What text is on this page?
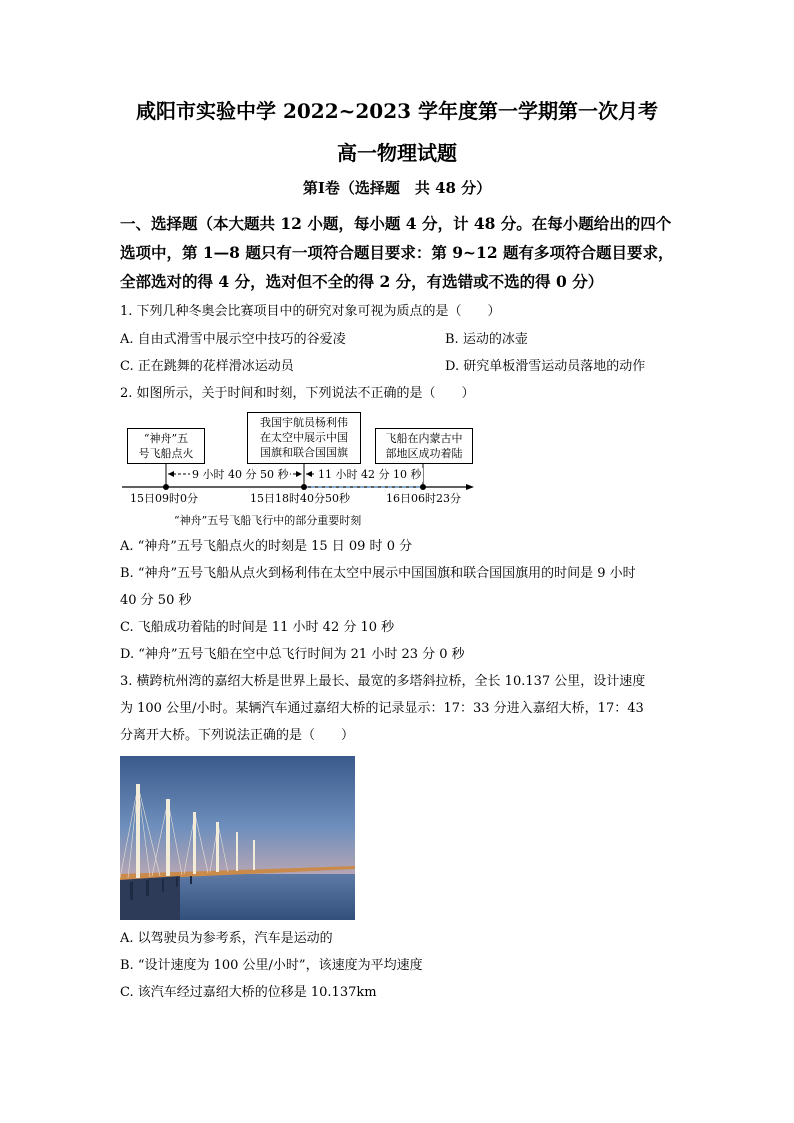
咸阳市实验中学 2022~2023 学年度第一学期第一次月考
高一物理试题
第Ⅰ卷（选择题　共 48 分）
一、选择题（本大题共 12 小题，每小题 4 分，计 48 分。在每小题给出的四个
选项中，第 1—8 题只有一项符合题目要求：第 9~12 题有多项符合题目要求，
全部选对的得 4 分，选对但不全的得 2 分，有选错或不选的得 0 分）
1. 下列几种冬奥会比赛项目中的研究对象可视为质点的是（　　）
A. 自由式滑雪中展示空中技巧的谷爱凌	B. 运动的冰壶
C. 正在跳舞的花样滑冰运动员	D. 研究单板滑雪运动员落地的动作
2. 如图所示，关于时间和时刻，下列说法不正确的是（　　）
“神舟”五
号飞船点火
我国宇航员杨利伟
在太空中展示中国
国旗和联合国国旗
飞船在内蒙古中
部地区成功着陆
9 小时 40 分 50 秒	11 小时 42 分 10 秒
15日09时0分	15日18时40分50秒	16日06时23分
“神舟”五号飞船飞行中的部分重要时刻
A. “神舟”五号飞船点火的时刻是 15 日 09 时 0 分
B. “神舟”五号飞船从点火到杨利伟在太空中展示中国国旗和联合国国旗用的时间是 9 小时
40 分 50 秒
C. 飞船成功着陆的时间是 11 小时 42 分 10 秒
D. “神舟”五号飞船在空中总飞行时间为 21 小时 23 分 0 秒
3. 横跨杭州湾的嘉绍大桥是世界上最长、最宽的多塔斜拉桥，全长 10.137 公里，设计速度
为 100 公里/小时。某辆汽车通过嘉绍大桥的记录显示：17：33 分进入嘉绍大桥，17：43
分离开大桥。下列说法正确的是（　　）
A. 以驾驶员为参考系，汽车是运动的
B. “设计速度为 100 公里/小时”，该速度为平均速度
C. 该汽车经过嘉绍大桥的位移是 10.137km
